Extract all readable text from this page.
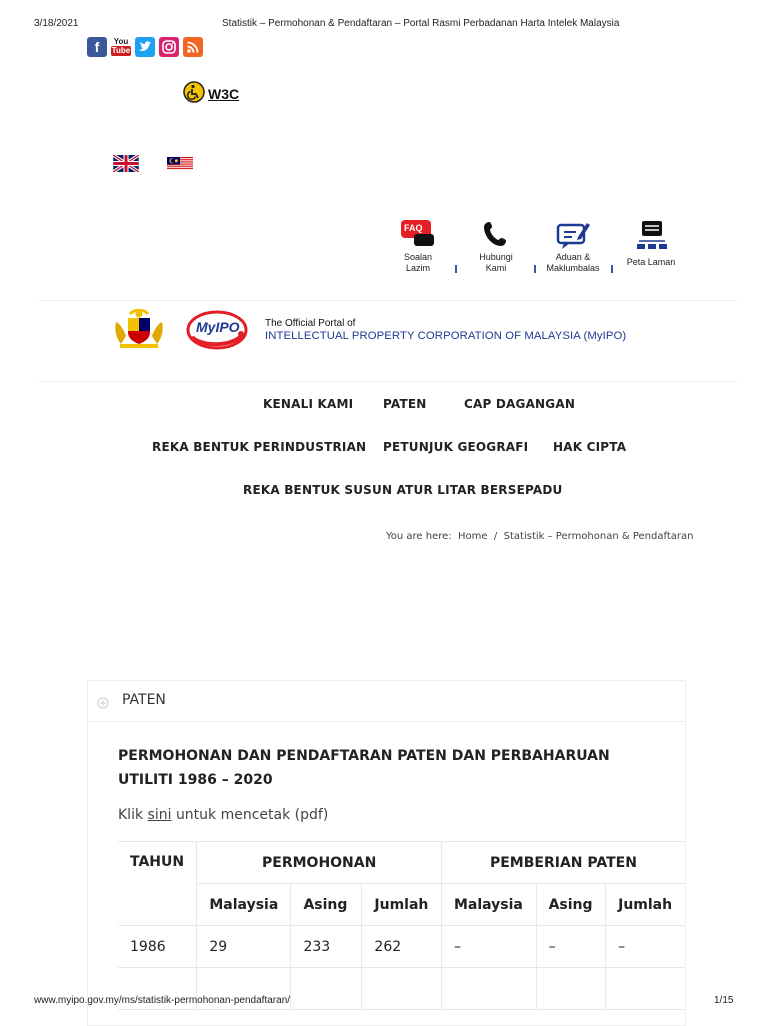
3/18/2021	Statistik – Permohonan & Pendaftaran – Portal Rasmi Perbadanan Harta Intelek Malaysia
f	You
Tube
W3C
FAQ
Soalan
Lazim
Hubungi
Kami
Aduan &
Maklumbalas
Peta Laman
MyIPO	The Official Portal of
INTELLECTUAL PROPERTY CORPORATION OF MALAYSIA (MyIPO)
KENALI KAMI PATEN	CAP DAGANGAN
REKA BENTUK PERINDUSTRIAN PETUNJUK GEOGRAFI HAK CIPTA
REKA BENTUK SUSUN ATUR LITAR BERSEPADU
You are here: Home / Statistik – Permohonan & Pendaftaran
PATEN
PERMOHONAN DAN PENDAFTARAN PATEN DAN PERBAHARUAN
UTILITI 1986 – 2020
Klik sini untuk mencetak (pdf)
TAHUN	PERMOHONAN			PEMBERIAN PATEN		
	Malaysia	Asing	Jumlah	Malaysia	Asing	Jumlah
1986	29	233	262	–	–	–

www.myipo.gov.my/ms/statistik-permohonan-pendaftaran/	1/15
